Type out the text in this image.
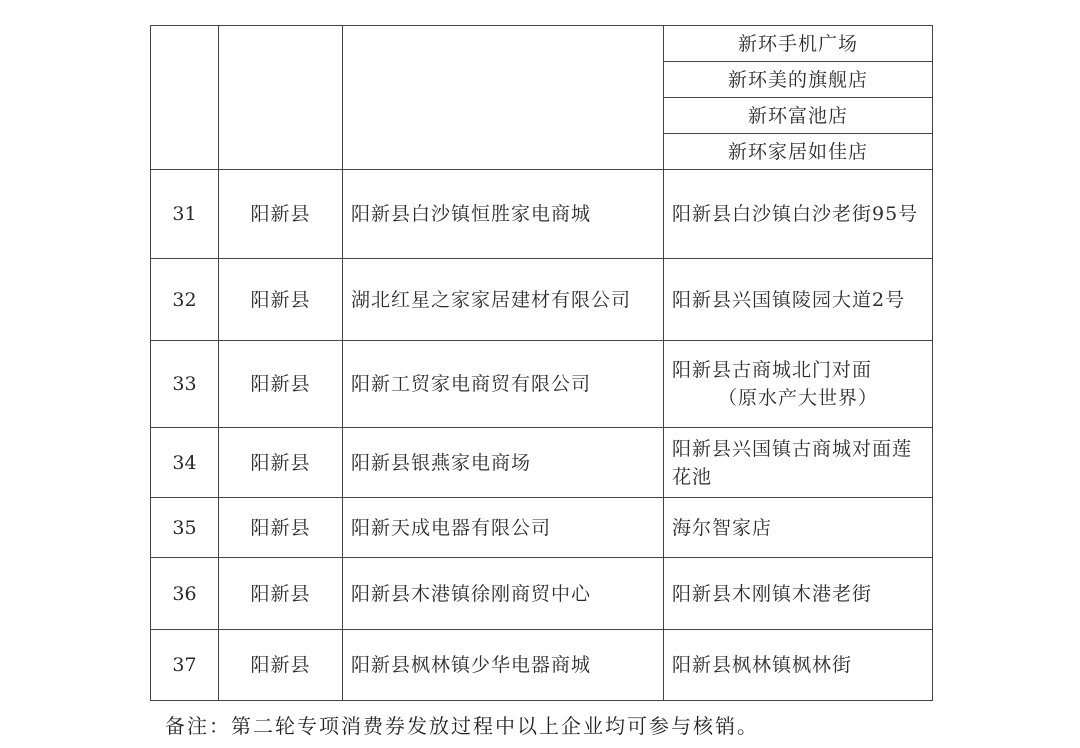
			新环手机广场
			新环美的旗舰店
			新环富池店
			新环家居如佳店
31	阳新县	阳新县白沙镇恒胜家电商城	阳新县白沙镇白沙老街95号
32	阳新县	湖北红星之家家居建材有限公司	阳新县兴国镇陵园大道2号
33	阳新县	阳新工贸家电商贸有限公司	阳新县古商城北门对面
（原水产大世界）

34	阳新县	阳新县银燕家电商场	阳新县兴国镇古商城对面莲花池
35	阳新县	阳新天成电器有限公司	海尔智家店
36	阳新县	阳新县木港镇徐刚商贸中心	阳新县木刚镇木港老街
37	阳新县	阳新县枫林镇少华电器商城	阳新县枫林镇枫林街
备注：第二轮专项消费券发放过程中以上企业均可参与核销。
